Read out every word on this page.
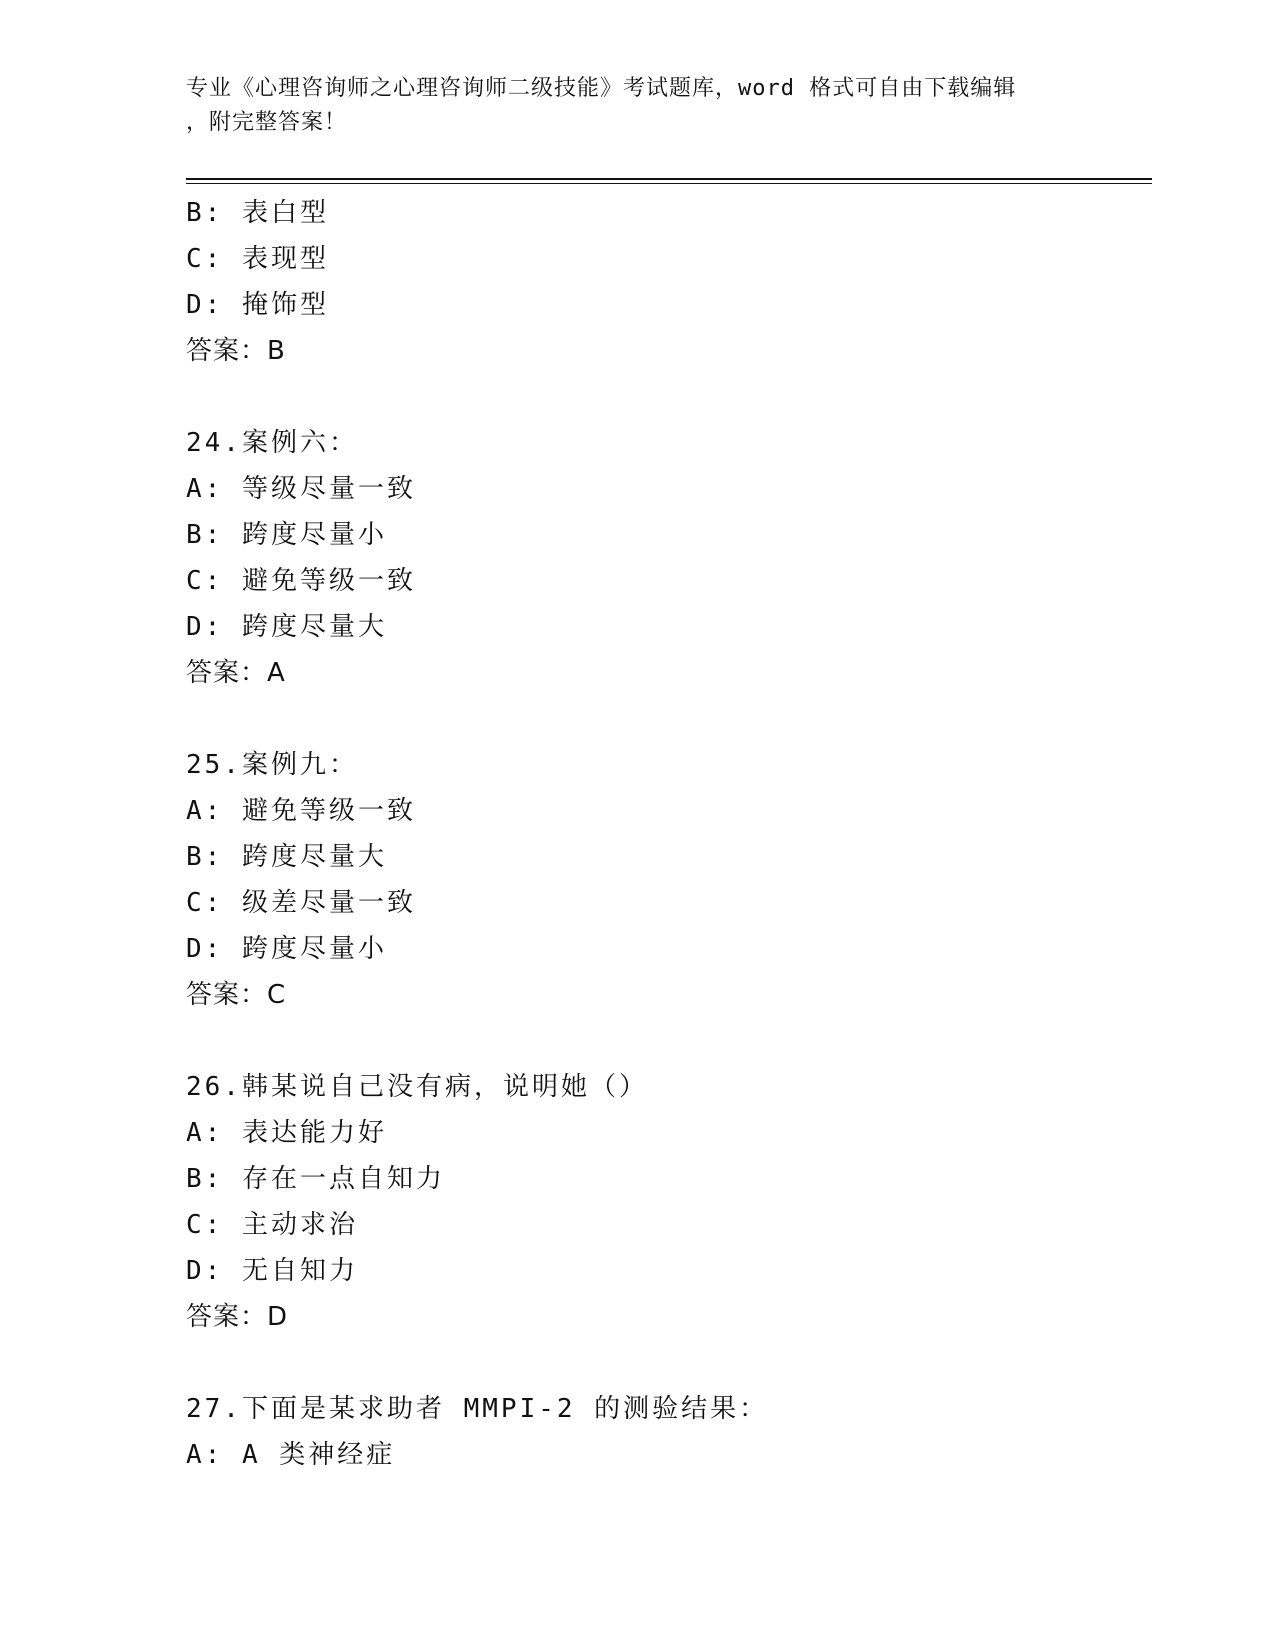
专业《心理咨询师之心理咨询师二级技能》考试题库，word 格式可自由下载编辑
，附完整答案！
B: 表白型
C: 表现型
D: 掩饰型
答案：B
24.案例六：
A: 等级尽量一致
B: 跨度尽量小
C: 避免等级一致
D: 跨度尽量大
答案：A
25.案例九：
A: 避免等级一致
B: 跨度尽量大
C: 级差尽量一致
D: 跨度尽量小
答案：C
26.韩某说自己没有病，说明她（）
A: 表达能力好
B: 存在一点自知力
C: 主动求治
D: 无自知力
答案：D
27.下面是某求助者 MMPI-2 的测验结果：
A: A 类神经症
